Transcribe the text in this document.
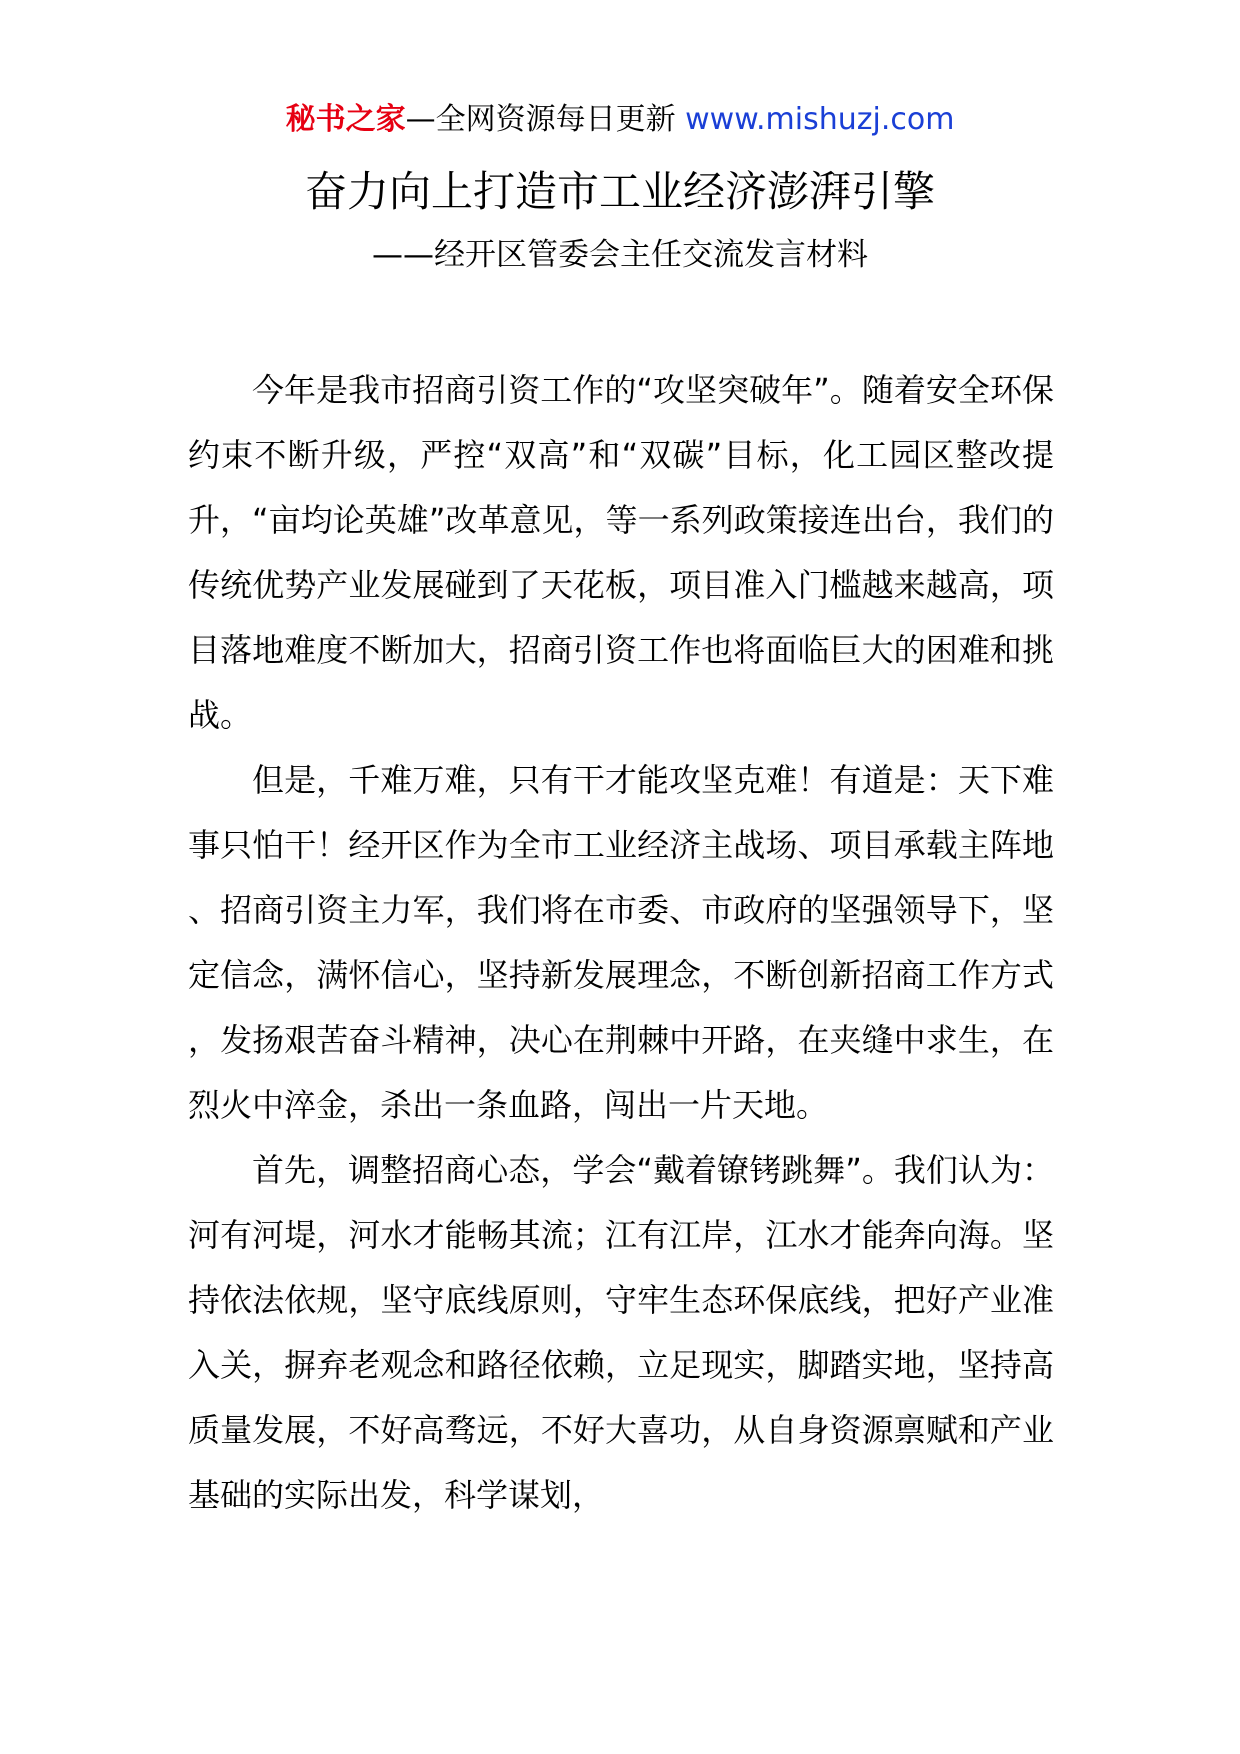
秘书之家—全网资源每日更新 www.mishuzj.com
奋力向上打造市工业经济澎湃引擎
——经开区管委会主任交流发言材料

今年是我市招商引资工作的“攻坚突破年”。随着安全环保约束不断升级，严控“双高”和“双碳”目标，化工园区整改提升，“亩均论英雄”改革意见，等一系列政策接连出台，我们的传统优势产业发展碰到了天花板，项目准入门槛越来越高，项目落地难度不断加大，招商引资工作也将面临巨大的困难和挑战。

但是，千难万难，只有干才能攻坚克难！有道是：天下难事只怕干！经开区作为全市工业经济主战场、项目承载主阵地、招商引资主力军，我们将在市委、市政府的坚强领导下，坚定信念，满怀信心，坚持新发展理念，不断创新招商工作方式，发扬艰苦奋斗精神，决心在荆棘中开路，在夹缝中求生，在烈火中淬金，杀出一条血路，闯出一片天地。

首先，调整招商心态，学会“戴着镣铐跳舞”。我们认为：河有河堤，河水才能畅其流；江有江岸，江水才能奔向海。坚持依法依规，坚守底线原则，守牢生态环保底线，把好产业准入关，摒弃老观念和路径依赖，立足现实，脚踏实地，坚持高质量发展，不好高骛远，不好大喜功，从自身资源禀赋和产业基础的实际出发，科学谋划，
